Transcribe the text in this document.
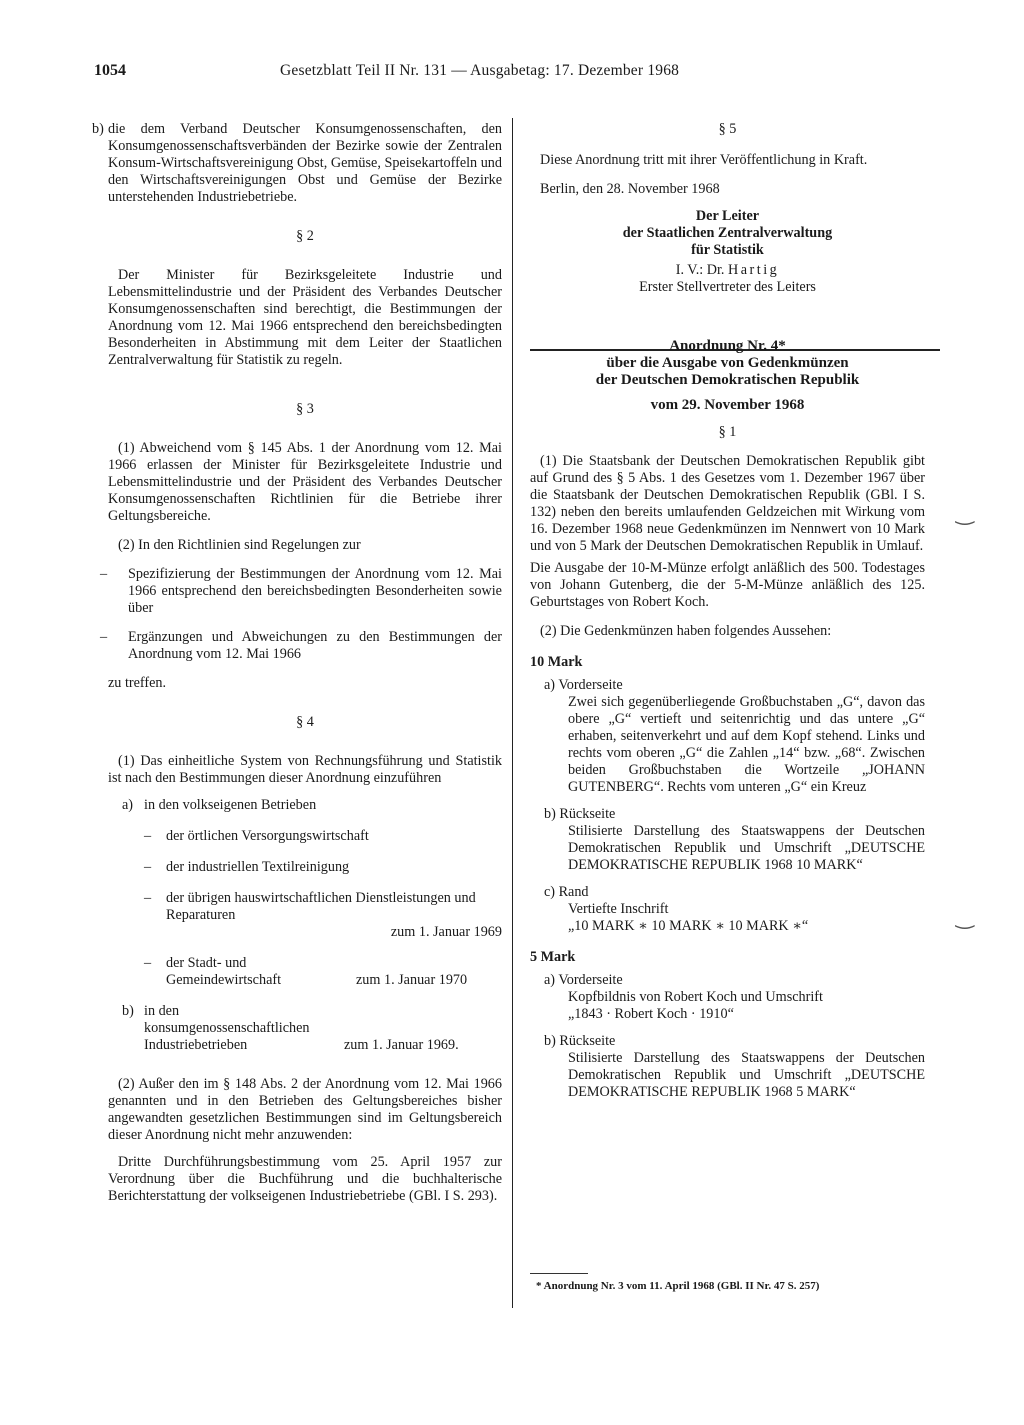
1054	Gesetzblatt Teil II Nr. 131 — Ausgabetag: 17. Dezember 1968
b) die dem Verband Deutscher Konsumgenossenschaften, den Konsumgenossenschaftsverbänden der Bezirke sowie der Zentralen Konsum-Wirtschaftsvereinigung Obst, Gemüse, Speisekartoffeln und den Wirtschaftsvereinigungen Obst und Gemüse der Bezirke unterstehenden Industriebetriebe.

§ 2

Der Minister für Bezirksgeleitete Industrie und Lebensmittelindustrie und der Präsident des Verbandes Deutscher Konsumgenossenschaften sind berechtigt, die Bestimmungen der Anordnung vom 12. Mai 1966 entsprechend den bereichsbedingten Besonderheiten in Abstimmung mit dem Leiter der Staatlichen Zentralverwaltung für Statistik zu regeln.

§ 3

(1) Abweichend vom § 145 Abs. 1 der Anordnung vom 12. Mai 1966 erlassen der Minister für Bezirksgeleitete Industrie und Lebensmittelindustrie und der Präsident des Verbandes Deutscher Konsumgenossenschaften Richtlinien für die Betriebe ihrer Geltungsbereiche.

(2) In den Richtlinien sind Regelungen zur

–	Spezifizierung der Bestimmungen der Anordnung vom 12. Mai 1966 entsprechend den bereichsbedingten Besonderheiten sowie über
–	Ergänzungen und Abweichungen zu den Bestimmungen der Anordnung vom 12. Mai 1966

zu treffen.

§ 4

(1) Das einheitliche System von Rechnungsführung und Statistik ist nach den Bestimmungen dieser Anordnung einzuführen

a) in den volkseigenen Betrieben
–	der örtlichen Versorgungswirtschaft
–	der industriellen Textilreinigung
–	der übrigen hauswirtschaftlichen Dienstleistungen und Reparaturen

zum 1. Januar 1969

–	der Stadt- und Gemeindewirtschaft	zum 1. Januar 1970
b) in den konsumgenossenschaftlichen Industriebetrieben	zum 1. Januar 1969.

(2) Außer den im § 148 Abs. 2 der Anordnung vom 12. Mai 1966 genannten und in den Betrieben des Geltungsbereiches bisher angewandten gesetzlichen Bestimmungen sind im Geltungsbereich dieser Anordnung nicht mehr anzuwenden:

Dritte Durchführungsbestimmung vom 25. April 1957 zur Verordnung über die Buchführung und die buchhalterische Berichterstattung der volkseigenen Industriebetriebe (GBl. I S. 293).

§ 5

Diese Anordnung tritt mit ihrer Veröffentlichung in Kraft.

Berlin, den 28. November 1968

Der Leiter

der Staatlichen Zentralverwaltung

für Statistik

I. V.: Dr. Hartig

Erster Stellvertreter des Leiters

Anordnung Nr. 4*

über die Ausgabe von Gedenkmünzen

der Deutschen Demokratischen Republik

vom 29. November 1968

§ 1

(1) Die Staatsbank der Deutschen Demokratischen Republik gibt auf Grund des § 5 Abs. 1 des Gesetzes vom 1. Dezember 1967 über die Staatsbank der Deutschen Demokratischen Republik (GBl. I S. 132) neben den bereits umlaufenden Geldzeichen mit Wirkung vom 16. Dezember 1968 neue Gedenkmünzen im Nennwert von 10 Mark und von 5 Mark der Deutschen Demokratischen Republik in Umlauf.

Die Ausgabe der 10-M-Münze erfolgt anläßlich des 500. Todestages von Johann Gutenberg, die der 5-M-Münze anläßlich des 125. Geburtstages von Robert Koch.

(2) Die Gedenkmünzen haben folgendes Aussehen:

10 Mark

a) Vorderseite

Zwei sich gegenüberliegende Großbuchstaben „G“, davon das obere „G“ vertieft und seitenrichtig und das untere „G“ erhaben, seitenverkehrt und auf dem Kopf stehend. Links und rechts vom oberen „G“ die Zahlen „14“ bzw. „68“. Zwischen beiden Großbuchstaben die Wortzeile „JOHANN GUTENBERG“. Rechts vom unteren „G“ ein Kreuz

b) Rückseite

Stilisierte Darstellung des Staatswappens der Deutschen Demokratischen Republik und Umschrift „DEUTSCHE DEMOKRATISCHE REPUBLIK 1968 10 MARK“

c) Rand

Vertiefte Inschrift

„10 MARK ∗ 10 MARK ∗ 10 MARK ∗“

5 Mark

a) Vorderseite

Kopfbildnis von Robert Koch und Umschrift

„1843 · Robert Koch · 1910“

b) Rückseite

Stilisierte Darstellung des Staatswappens der Deutschen Demokratischen Republik und Umschrift „DEUTSCHE DEMOKRATISCHE REPUBLIK 1968 5 MARK“

* Anordnung Nr. 3 vom 11. April 1968 (GBl. II Nr. 47 S. 257)
‿
‿
